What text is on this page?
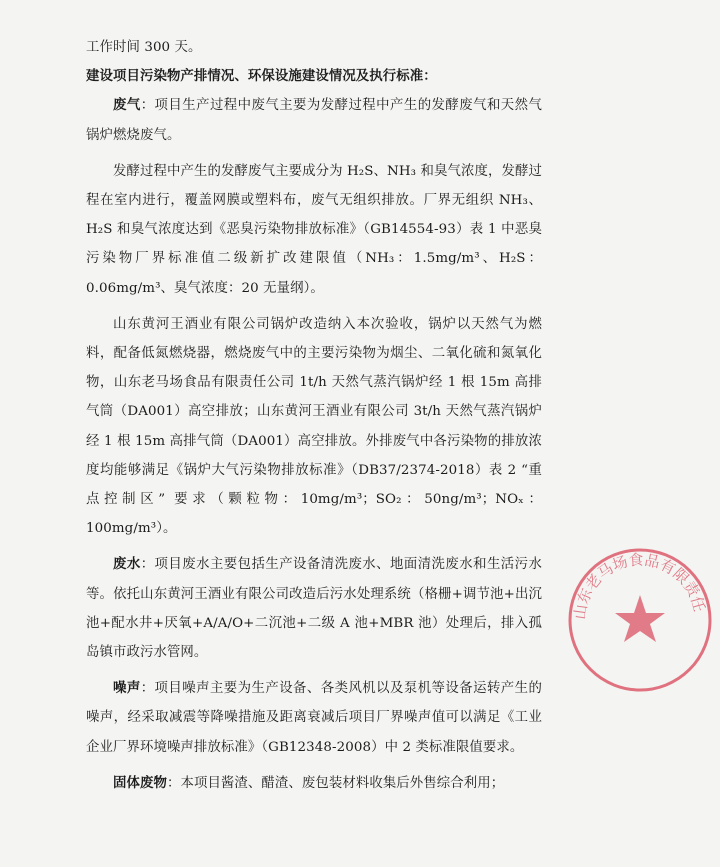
工作时间 300 天。

建设项目污染物产排情况、环保设施建设情况及执行标准：

废气：项目生产过程中废气主要为发酵过程中产生的发酵废气和天然气锅炉燃烧废气。

发酵过程中产生的发酵废气主要成分为 H₂S、NH₃ 和臭气浓度，发酵过程在室内进行，覆盖网膜或塑料布，废气无组织排放。厂界无组织 NH₃、H₂S 和臭气浓度达到《恶臭污染物排放标准》（GB14554-93）表 1 中恶臭污染物厂界标准值二级新扩改建限值（NH₃：1.5mg/m³、H₂S：0.06mg/m³、臭气浓度：20 无量纲）。

山东黄河王酒业有限公司锅炉改造纳入本次验收，锅炉以天然气为燃料，配备低氮燃烧器，燃烧废气中的主要污染物为烟尘、二氧化硫和氮氧化物，山东老马场食品有限责任公司 1t/h 天然气蒸汽锅炉经 1 根 15m 高排气筒（DA001）高空排放；山东黄河王酒业有限公司 3t/h 天然气蒸汽锅炉经 1 根 15m 高排气筒（DA001）高空排放。外排废气中各污染物的排放浓度均能够满足《锅炉大气污染物排放标准》（DB37/2374-2018）表 2 “重点控制区” 要求（颗粒物：10mg/m³；SO₂：50ng/m³；NOₓ：100mg/m³）。

废水：项目废水主要包括生产设备清洗废水、地面清洗废水和生活污水等。依托山东黄河王酒业有限公司改造后污水处理系统（格栅+调节池+出沉池+配水井+厌氧+A/A/O+二沉池+二级 A 池+MBR 池）处理后，排入孤岛镇市政污水管网。

噪声：项目噪声主要为生产设备、各类风机以及泵机等设备运转产生的噪声，经采取减震等降噪措施及距离衰减后项目厂界噪声值可以满足《工业企业厂界环境噪声排放标准》（GB12348-2008）中 2 类标准限值要求。

固体废物：本项目酱渣、醋渣、废包装材料收集后外售综合利用；

山东老马场食品有限责任公司
